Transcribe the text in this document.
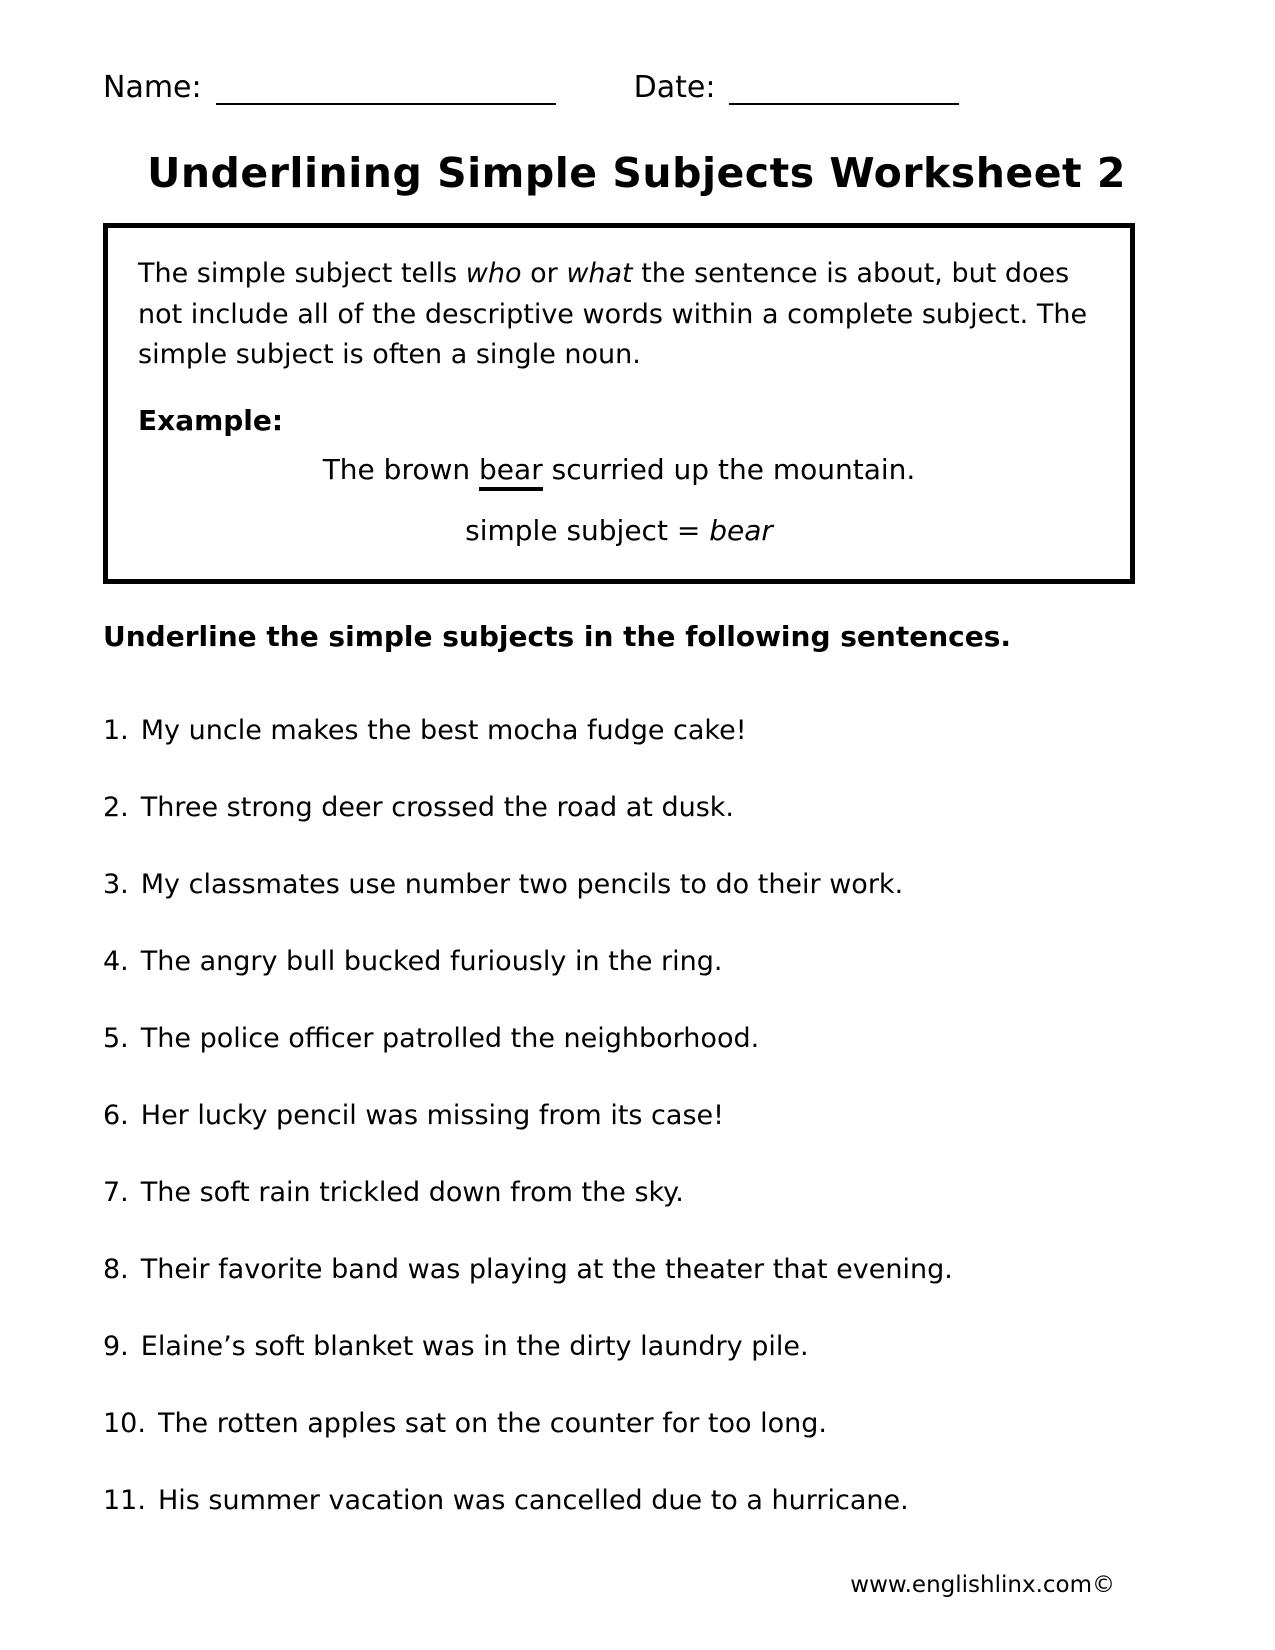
Name:	Date:
Underlining Simple Subjects Worksheet 2

The simple subject tells who or what the sentence is about, but does not include all of the descriptive words within a complete subject. The simple subject is often a single noun.

Example:

The brown bear scurried up the mountain.

simple subject = bear

Underline the simple subjects in the following sentences.

1. My uncle makes the best mocha fudge cake!
2. Three strong deer crossed the road at dusk.
3. My classmates use number two pencils to do their work.
4. The angry bull bucked furiously in the ring.
5. The police officer patrolled the neighborhood.
6. Her lucky pencil was missing from its case!
7. The soft rain trickled down from the sky.
8. Their favorite band was playing at the theater that evening.
9. Elaine’s soft blanket was in the dirty laundry pile.
10. The rotten apples sat on the counter for too long.
11. His summer vacation was cancelled due to a hurricane.
www.englishlinx.com©
